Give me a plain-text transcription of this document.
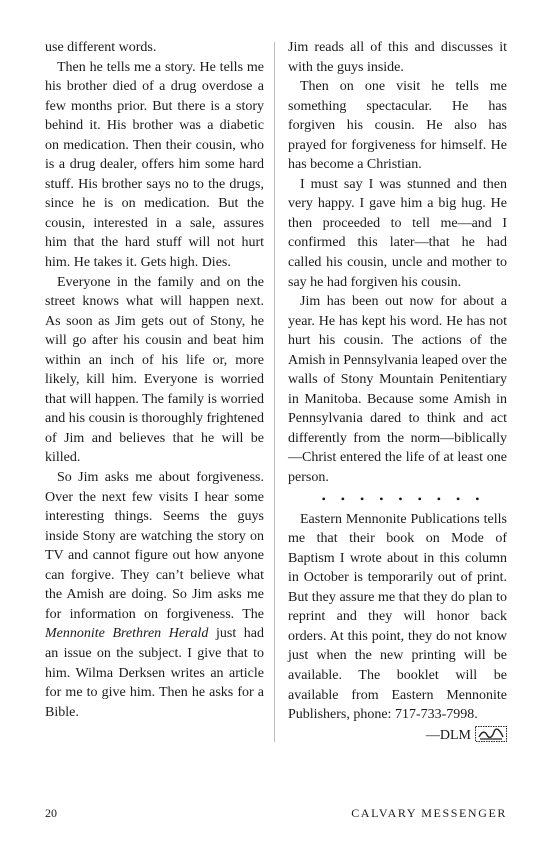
use different words.

Then he tells me a story. He tells me his brother died of a drug overdose a few months prior. But there is a story behind it. His brother was a diabetic on medication. Then their cousin, who is a drug dealer, offers him some hard stuff. His brother says no to the drugs, since he is on medication. But the cousin, interested in a sale, assures him that the hard stuff will not hurt him. He takes it. Gets high. Dies.

Everyone in the family and on the street knows what will happen next. As soon as Jim gets out of Stony, he will go after his cousin and beat him within an inch of his life or, more likely, kill him. Everyone is worried that will happen. The family is worried and his cousin is thoroughly frightened of Jim and believes that he will be killed.

So Jim asks me about forgiveness. Over the next few visits I hear some interesting things. Seems the guys inside Stony are watching the story on TV and cannot figure out how anyone can forgive. They can’t believe what the Amish are doing. So Jim asks me for information on forgiveness. The Mennonite Brethren Herald just had an issue on the subject. I give that to him. Wilma Derksen writes an article for me to give him. Then he asks for a Bible.

Jim reads all of this and discusses it with the guys inside.

Then on one visit he tells me something spectacular. He has forgiven his cousin. He also has prayed for forgiveness for himself. He has become a Christian.

I must say I was stunned and then very happy. I gave him a big hug. He then proceeded to tell me—and I confirmed this later—that he had called his cousin, uncle and mother to say he had forgiven his cousin.

Jim has been out now for about a year. He has kept his word. He has not hurt his cousin. The actions of the Amish in Pennsylvania leaped over the walls of Stony Mountain Penitentiary in Manitoba. Because some Amish in Pennsylvania dared to think and act differently from the norm—biblically—Christ entered the life of at least one person.

• • • • • • • • •

Eastern Mennonite Publications tells me that their book on Mode of Baptism I wrote about in this column in October is temporarily out of print. But they assure me that they do plan to reprint and they will honor back orders. At this point, they do not know just when the new printing will be available. The booklet will be available from Eastern Mennonite Publishers, phone: 717-733-7998.

—DLM

20	CALVARY MESSENGER
